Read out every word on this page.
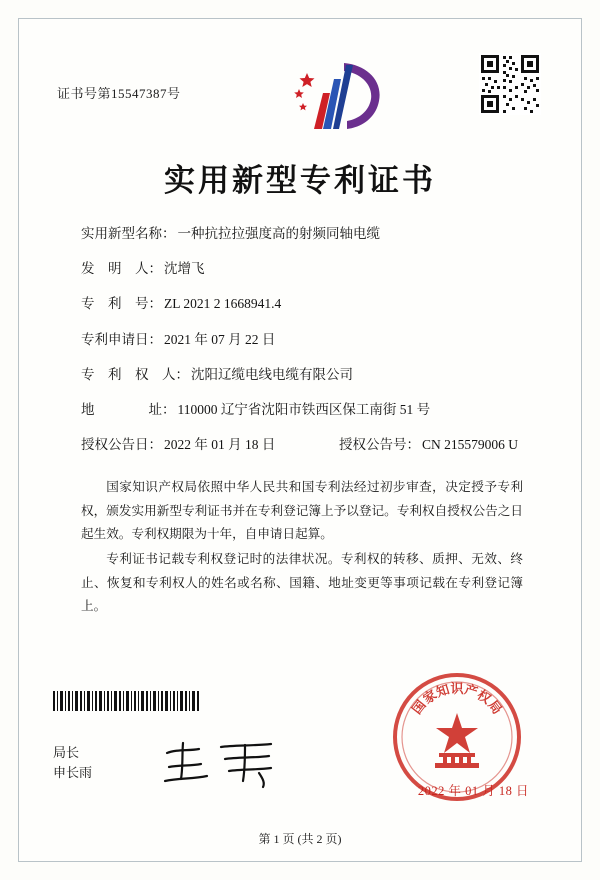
证书号第15547387号
实用新型专利证书
实用新型名称： 一种抗拉拉强度高的射频同轴电缆
发　明　人： 沈增飞
专　利　号： ZL 2021 2 1668941.4
专利申请日： 2021 年 07 月 22 日
专　利　权　人： 沈阳辽缆电线电缆有限公司
地　　　　址： 110000 辽宁省沈阳市铁西区保工南街 51 号
授权公告日： 2022 年 01 月 18 日	授权公告号： CN 215579006 U

国家知识产权局依照中华人民共和国专利法经过初步审查，决定授予专利权，颁发实用新型专利证书并在专利登记簿上予以登记。专利权自授权公告之日起生效。专利权期限为十年，自申请日起算。

专利证书记载专利权登记时的法律状况。专利权的转移、质押、无效、终止、恢复和专利权人的姓名或名称、国籍、地址变更等事项记载在专利登记簿上。

局长
申长雨
国
家
知 识 产
权
局
2022 年 01 月 18 日
第 1 页 (共 2 页)
